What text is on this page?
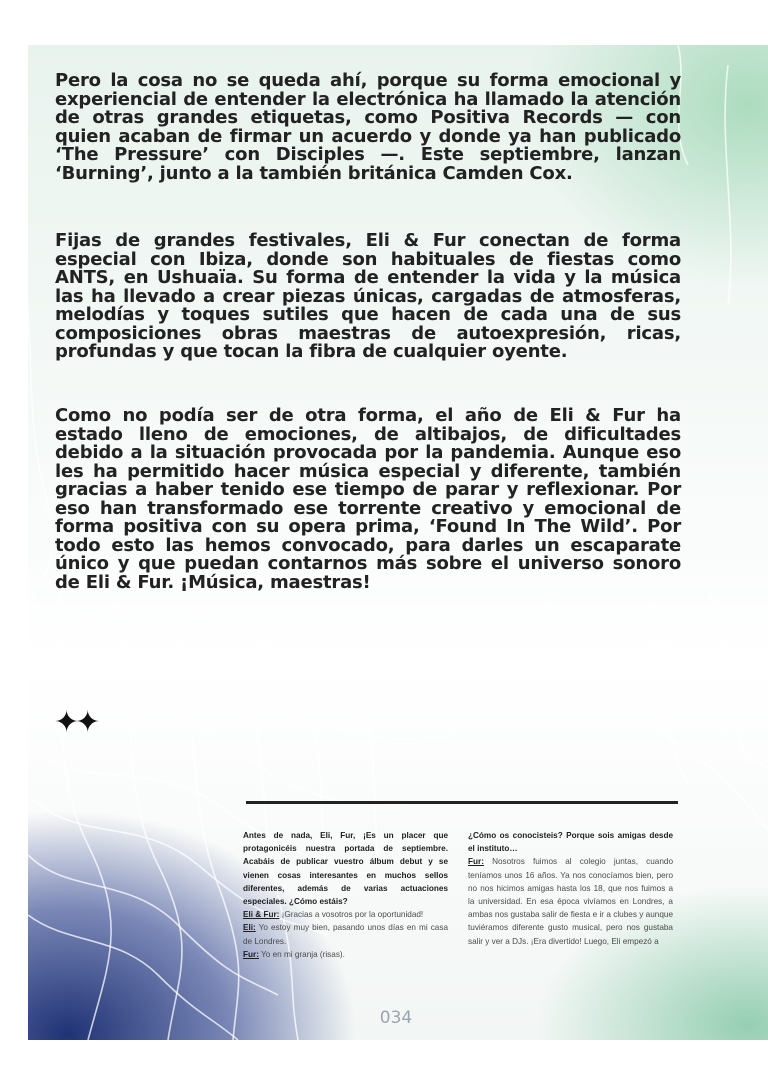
Pero la cosa no se queda ahí, porque su forma emocional y experiencial de entender la electrónica ha llamado la atención de otras grandes etiquetas, como Positiva Records — con quien acaban de firmar un acuerdo y donde ya han publicado ‘The Pressure’ con Disciples —. Este septiembre, lanzan ‘Burning’, junto a la también británica Camden Cox.

Fijas de grandes festivales, Eli & Fur conectan de forma especial con Ibiza, donde son habituales de fiestas como ANTS, en Ushuaïa. Su forma de entender la vida y la música las ha llevado a crear piezas únicas, cargadas de atmosferas, melodías y toques sutiles que hacen de cada una de sus composiciones obras maestras de autoexpresión, ricas, profundas y que tocan la fibra de cualquier oyente.

Como no podía ser de otra forma, el año de Eli & Fur ha estado lleno de emociones, de altibajos, de dificultades debido a la situación provocada por la pandemia. Aunque eso les ha permitido hacer música especial y diferente, también gracias a haber tenido ese tiempo de parar y reflexionar. Por eso han transformado ese torrente creativo y emocional de forma positiva con su opera prima, ‘Found In The Wild’. Por todo esto las hemos convocado, para darles un escaparate único y que puedan contarnos más sobre el universo sonoro de Eli & Fur. ¡Música, maestras!

✦✦

Antes de nada, Eli, Fur, ¡Es un placer que protagonicéis nuestra portada de septiembre. Acabáis de publicar vuestro álbum debut y se vienen cosas interesantes en muchos sellos diferentes, además de varias actuaciones especiales. ¿Cómo estáis?

Eli & Fur: ¡Gracias a vosotros por la oportunidad!

Eli: Yo estoy muy bien, pasando unos días en mi casa de Londres.

Fur: Yo en mi granja (risas).

¿Cómo os conocisteis? Porque sois amigas desde el instituto…

Fur: Nosotros fuimos al colegio juntas, cuando teníamos unos 16 años. Ya nos conocíamos bien, pero no nos hicimos amigas hasta los 18, que nos fuimos a la universidad. En esa época vivíamos en Londres, a ambas nos gustaba salir de fiesta e ir a clubes y aunque tuviéramos diferente gusto musical, pero nos gustaba salir y ver a DJs. ¡Era divertido! Luego, Eli empezó a

034
